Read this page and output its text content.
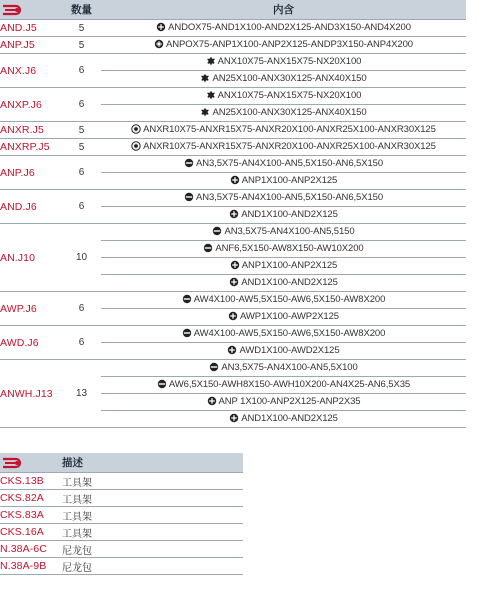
	数量	内含
AND.J5	5	ANDOX75-AND1X100-AND2X125-AND3X150-AND4X200
ANP.J5	5	ANPOX75-ANP1X100-ANP2X125-ANDP3X150-ANP4X200
ANX.J6	6	ANX10X75-ANX15X75-NX20X100
		AN25X100-ANX30X125-ANX40X150
ANXP.J6	6	ANX10X75-ANX15X75-NX20X100
		AN25X100-ANX30X125-ANX40X150
ANXR.J5	5	ANXR10X75-ANXR15X75-ANXR20X100-ANXR25X100-ANXR30X125
ANXRP.J5	5	ANXR10X75-ANXR15X75-ANXR20X100-ANXR25X100-ANXR30X125
ANP.J6	6	AN3,5X75-AN4X100-AN5,5X150-AN6,5X150
		ANP1X100-ANP2X125
AND.J6	6	AN3,5X75-AN4X100-AN5,5X150-AN6,5X150
		AND1X100-AND2X125
AN.J10	10	AN3,5X75-AN4X100-AN5,5150
		ANF6,5X150-AW8X150-AW10X200
		ANP1X100-ANP2X125
		AND1X100-AND2X125
AWP.J6	6	AW4X100-AW5,5X150-AW6,5X150-AW8X200
		AWP1X100-AWP2X125
AWD.J6	6	AW4X100-AW5,5X150-AW6,5X150-AW8X200
		AWD1X100-AWD2X125
ANWH.J13	13	AN3,5X75-AN4X100-AN5,5X100
		AW6,5X150-AWH8X150-AWH10X200-AN4X25-AN6,5X35
		ANP 1X100-ANP2X125-ANP2X35
		AND1X100-AND2X125
	描述
CKS.13B	工具架
CKS.82A	工具架
CKS.83A	工具架
CKS.16A	工具架
N.38A-6C	尼龙包
N.38A-9B	尼龙包
